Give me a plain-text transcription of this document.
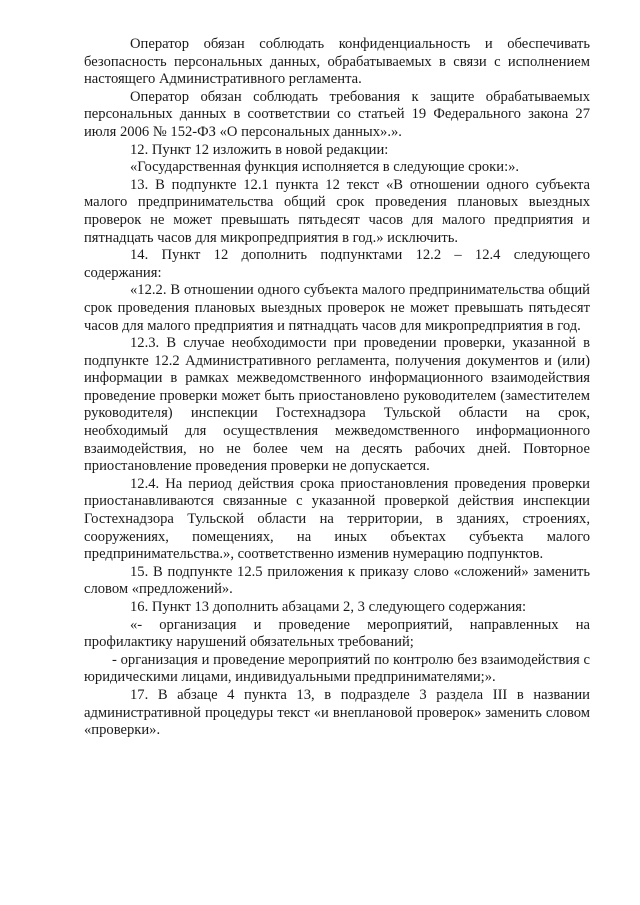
Оператор обязан соблюдать конфиденциальность и обеспечивать безопасность персональных данных, обрабатываемых в связи с исполнением настоящего Административного регламента.

Оператор обязан соблюдать требования к защите обрабатываемых персональных данных в соответствии со статьей 19 Федерального закона 27 июля 2006 № 152-ФЗ «О персональных данных».».

12. Пункт 12 изложить в новой редакции:

«Государственная функция исполняется в следующие сроки:».

13. В подпункте 12.1 пункта 12 текст «В отношении одного субъекта малого предпринимательства общий срок проведения плановых выездных проверок не может превышать пятьдесят часов для малого предприятия и пятнадцать часов для микропредприятия в год.» исключить.

14. Пункт 12 дополнить подпунктами 12.2 – 12.4 следующего содержания:

«12.2. В отношении одного субъекта малого предпринимательства общий срок проведения плановых выездных проверок не может превышать пятьдесят часов для малого предприятия и пятнадцать часов для микропредприятия в год.

12.3. В случае необходимости при проведении проверки, указанной в подпункте 12.2 Административного регламента, получения документов и (или) информации в рамках межведомственного информационного взаимодействия проведение проверки может быть приостановлено руководителем (заместителем руководителя) инспекции Гостехнадзора Тульской области на срок, необходимый для осуществления межведомственного информационного взаимодействия, но не более чем на десять рабочих дней. Повторное приостановление проведения проверки не допускается.

12.4. На период действия срока приостановления проведения проверки приостанавливаются связанные с указанной проверкой действия инспекции Гостехнадзора Тульской области на территории, в зданиях, строениях, сооружениях, помещениях, на иных объектах субъекта малого предпринимательства.», соответственно изменив нумерацию подпунктов.

15. В подпункте 12.5 приложения к приказу слово «сложений» заменить словом «предложений».

16. Пункт 13 дополнить абзацами 2, 3 следующего содержания:

«- организация и проведение мероприятий, направленных на профилактику нарушений обязательных требований;

- организация и проведение мероприятий по контролю без взаимодействия с юридическими лицами, индивидуальными предпринимателями;».

17. В абзаце 4 пункта 13, в подразделе 3 раздела III в названии административной процедуры текст «и внеплановой проверок» заменить словом «проверки».
